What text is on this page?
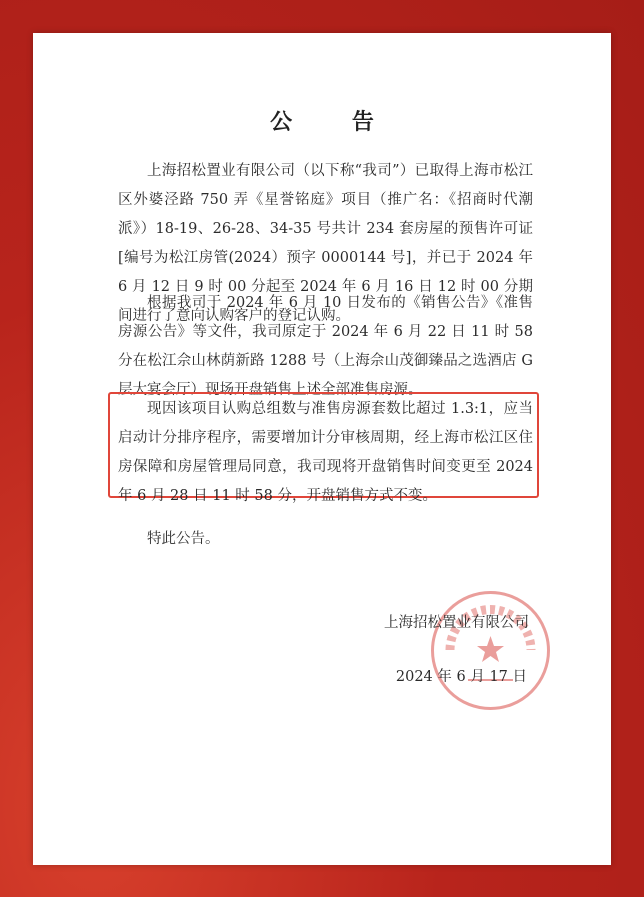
公 告
上海招松置业有限公司（以下称“我司”）已取得上海市松江区外婆泾路 750 弄《星誉铭庭》项目（推广名：《招商时代潮派》）18-19、26-28、34-35 号共计 234 套房屋的预售许可证[编号为松江房管(2024）预字 0000144 号]，并已于 2024 年 6 月 12 日 9 时 00 分起至 2024 年 6 月 16 日 12 时 00 分期间进行了意向认购客户的登记认购。
根据我司于 2024 年 6 月 10 日发布的《销售公告》《准售房源公告》等文件，我司原定于 2024 年 6 月 22 日 11 时 58 分在松江佘山林荫新路 1288 号（上海佘山茂御臻品之选酒店 G 层大宴会厅）现场开盘销售上述全部准售房源。
现因该项目认购总组数与准售房源套数比超过 1.3:1，应当启动计分排序程序，需要增加计分审核周期，经上海市松江区住房保障和房屋管理局同意，我司现将开盘销售时间变更至 2024 年 6 月 28 日 11 时 58 分，开盘销售方式不变。
特此公告。
上海招松置业有限公司
2024 年 6 月 17 日
